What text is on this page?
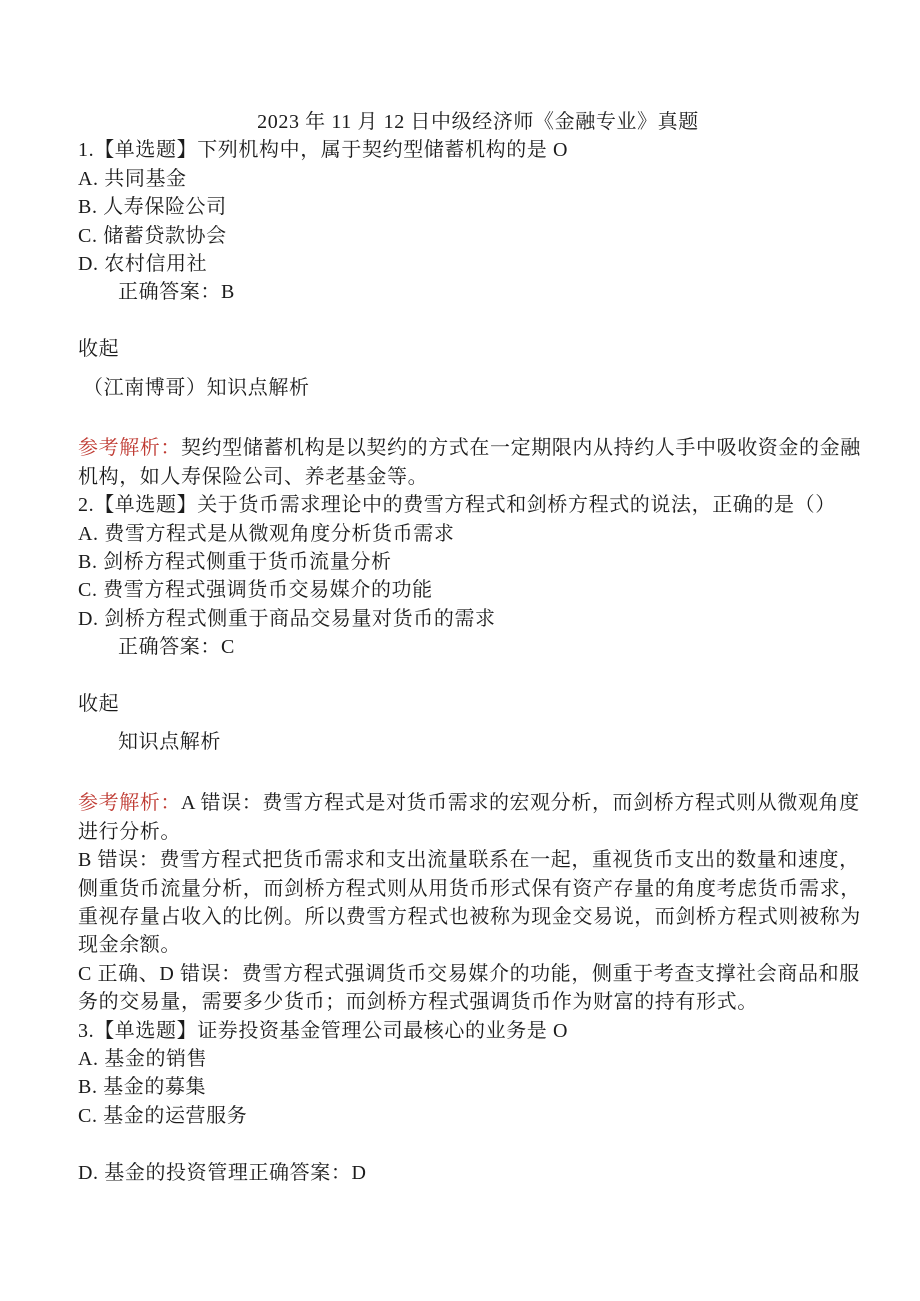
2023 年 11 月 12 日中级经济师《金融专业》真题
1.【单选题】下列机构中，属于契约型储蓄机构的是 O
A. 共同基金
B. 人寿保险公司
C. 储蓄贷款协会
D. 农村信用社
正确答案：B
收起
（江南博哥）知识点解析
参考解析：契约型储蓄机构是以契约的方式在一定期限内从持约人手中吸收资金的金融机构，如人寿保险公司、养老基金等。
2.【单选题】关于货币需求理论中的费雪方程式和剑桥方程式的说法，正确的是（）
A. 费雪方程式是从微观角度分析货币需求
B. 剑桥方程式侧重于货币流量分析
C. 费雪方程式强调货币交易媒介的功能
D. 剑桥方程式侧重于商品交易量对货币的需求
正确答案：C
收起
知识点解析
参考解析：A 错误：费雪方程式是对货币需求的宏观分析，而剑桥方程式则从微观角度进行分析。
B 错误：费雪方程式把货币需求和支出流量联系在一起，重视货币支出的数量和速度，侧重货币流量分析，而剑桥方程式则从用货币形式保有资产存量的角度考虑货币需求，重视存量占收入的比例。所以费雪方程式也被称为现金交易说，而剑桥方程式则被称为现金余额。
C 正确、D 错误：费雪方程式强调货币交易媒介的功能，侧重于考查支撑社会商品和服务的交易量，需要多少货币；而剑桥方程式强调货币作为财富的持有形式。
3.【单选题】证券投资基金管理公司最核心的业务是 O
A. 基金的销售
B. 基金的募集
C. 基金的运营服务
D. 基金的投资管理正确答案：D
